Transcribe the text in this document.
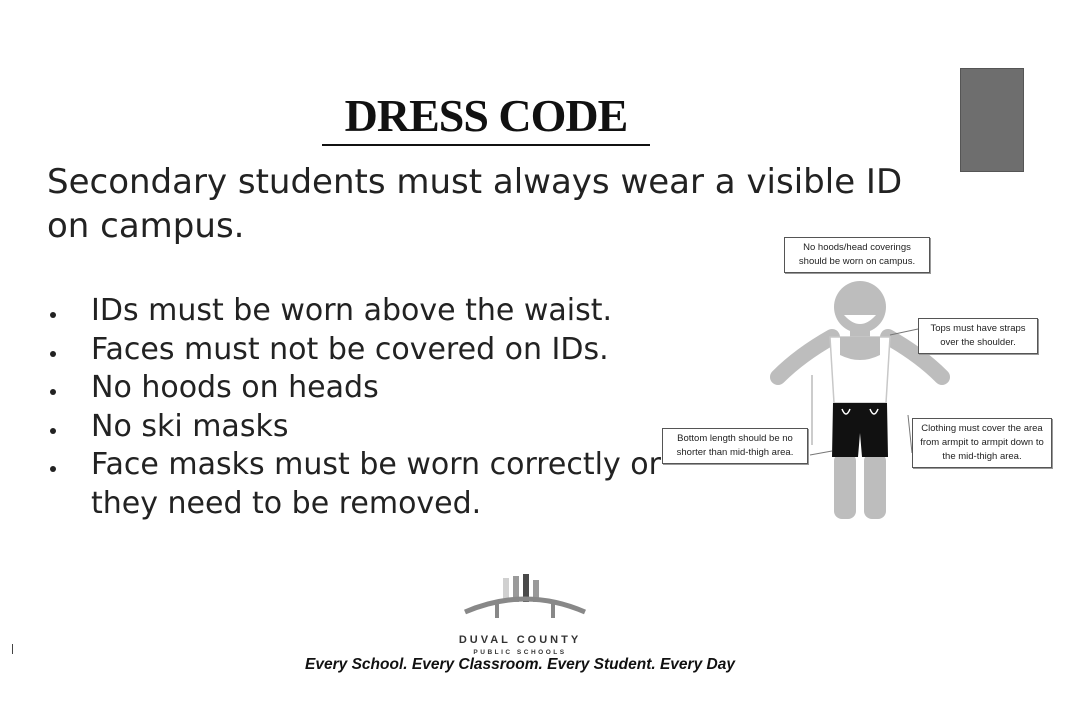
DRESS CODE
Secondary students must always wear a visible ID on campus.
IDs must be worn above the waist.
Faces must not be covered on IDs.
No hoods on heads
No ski masks
Face masks must be worn correctly or they need to be removed.
No hoods/head coverings should be worn on campus.
Tops must have straps over the shoulder.
Bottom length should be no shorter than mid-thigh area.
Clothing must cover the area from armpit to armpit down to the mid-thigh area.
DUVAL COUNTY
PUBLIC SCHOOLS
Every School. Every Classroom. Every Student. Every Day
